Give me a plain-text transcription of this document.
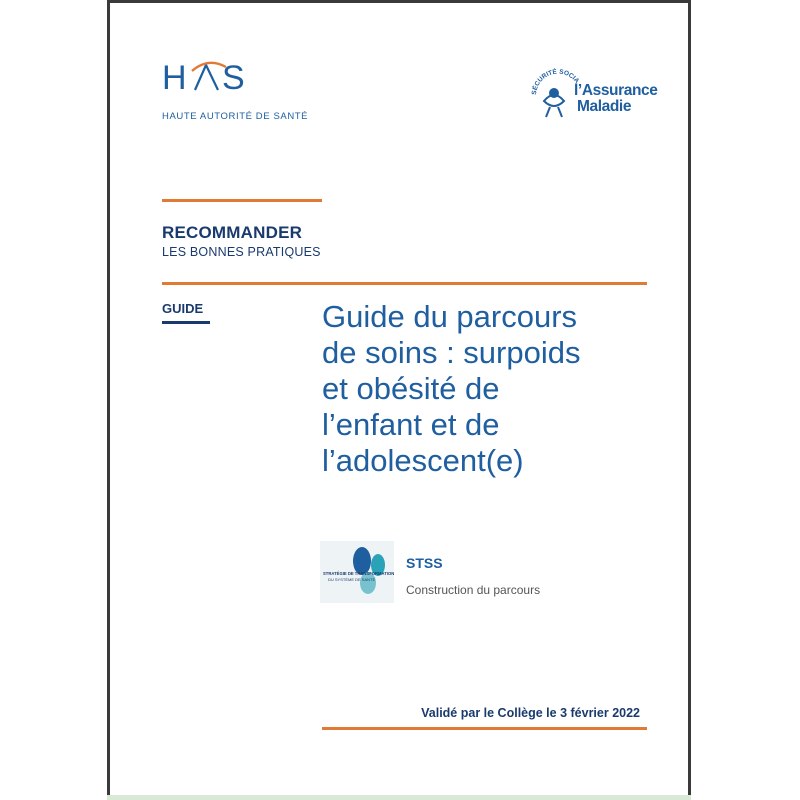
H S
HAUTE AUTORITÉ DE SANTÉ
SÉCURITÉ SOCIA
l’Assurance
Maladie
RECOMMANDER
LES BONNES PRATIQUES
GUIDE	Guide du parcours
de soins : surpoids
et obésité de
l’enfant et de
l’adolescent(e)
STRATÉGIE DE TRANSFORMATION
DU SYSTÈME DE SANTÉ
STSS
Construction du parcours
Validé par le Collège le 3 février 2022
